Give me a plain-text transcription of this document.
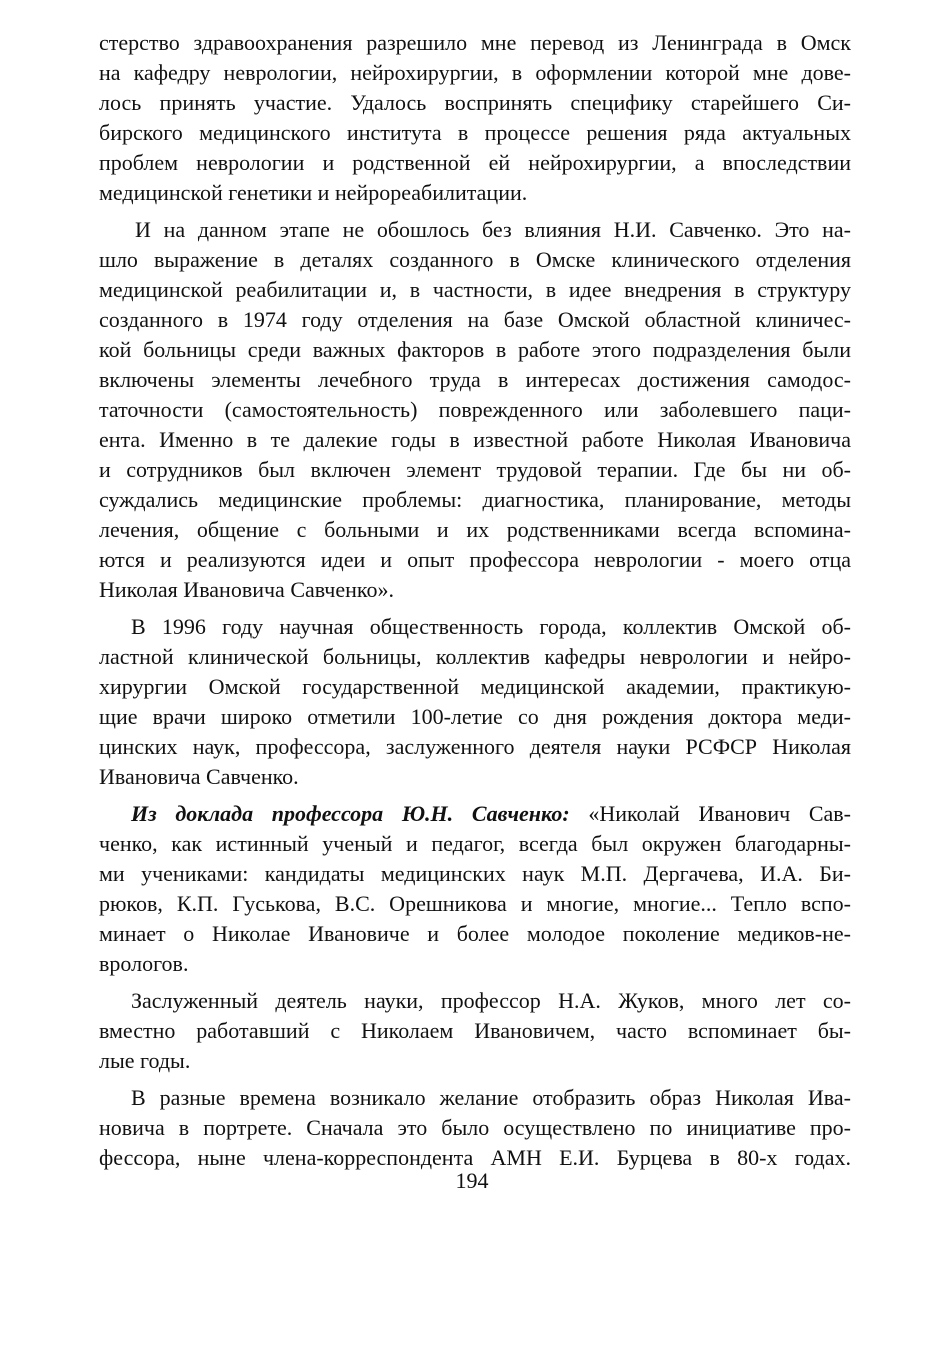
стерство здравоохранения разрешило мне перевод из Ленинграда в Омск
на кафедру неврологии, нейрохирургии, в оформлении которой мне дове-
лось принять участие. Удалось воспринять специфику старейшего Си-
бирского медицинского института в процессе решения ряда актуальных
проблем неврологии и родственной ей нейрохирургии, а впоследствии
медицинской генетики и нейрореабилитации.
И на данном этапе не обошлось без влияния Н.И. Савченко. Это на-
шло выражение в деталях созданного в Омске клинического отделения
медицинской реабилитации и, в частности, в идее внедрения в структуру
созданного в 1974 году отделения на базе Омской областной клиничес-
кой больницы среди важных факторов в работе этого подразделения были
включены элементы лечебного труда в интересах достижения самодос-
таточности (самостоятельность) поврежденного или заболевшего паци-
ента. Именно в те далекие годы в известной работе Николая Ивановича
и сотрудников был включен элемент трудовой терапии. Где бы ни об-
суждались медицинские проблемы: диагностика, планирование, методы
лечения, общение с больными и их родственниками всегда вспомина-
ются и реализуются идеи и опыт профессора неврологии - моего отца
Николая Ивановича Савченко».
В 1996 году научная общественность города, коллектив Омской об-
ластной клинической больницы, коллектив кафедры неврологии и нейро-
хирургии Омской государственной медицинской академии, практикую-
щие врачи широко отметили 100-летие со дня рождения доктора меди-
цинских наук, профессора, заслуженного деятеля науки РСФСР Николая
Ивановича Савченко.
Из доклада профессора Ю.Н. Савченко: «Николай Иванович Сав-
ченко, как истинный ученый и педагог, всегда был окружен благодарны-
ми учениками: кандидаты медицинских наук М.П. Дергачева, И.А. Би-
рюков, К.П. Гуськова, В.С. Орешникова и многие, многие... Тепло вспо-
минает о Николае Ивановиче и более молодое поколение медиков-не-
врологов.
Заслуженный деятель науки, профессор Н.А. Жуков, много лет со-
вместно работавший с Николаем Ивановичем, часто вспоминает бы-
лые годы.
В разные времена возникало желание отобразить образ Николая Ива-
новича в портрете. Сначала это было осуществлено по инициативе про-
фессора, ныне члена-корреспондента АМН Е.И. Бурцева в 80-х годах.
194
